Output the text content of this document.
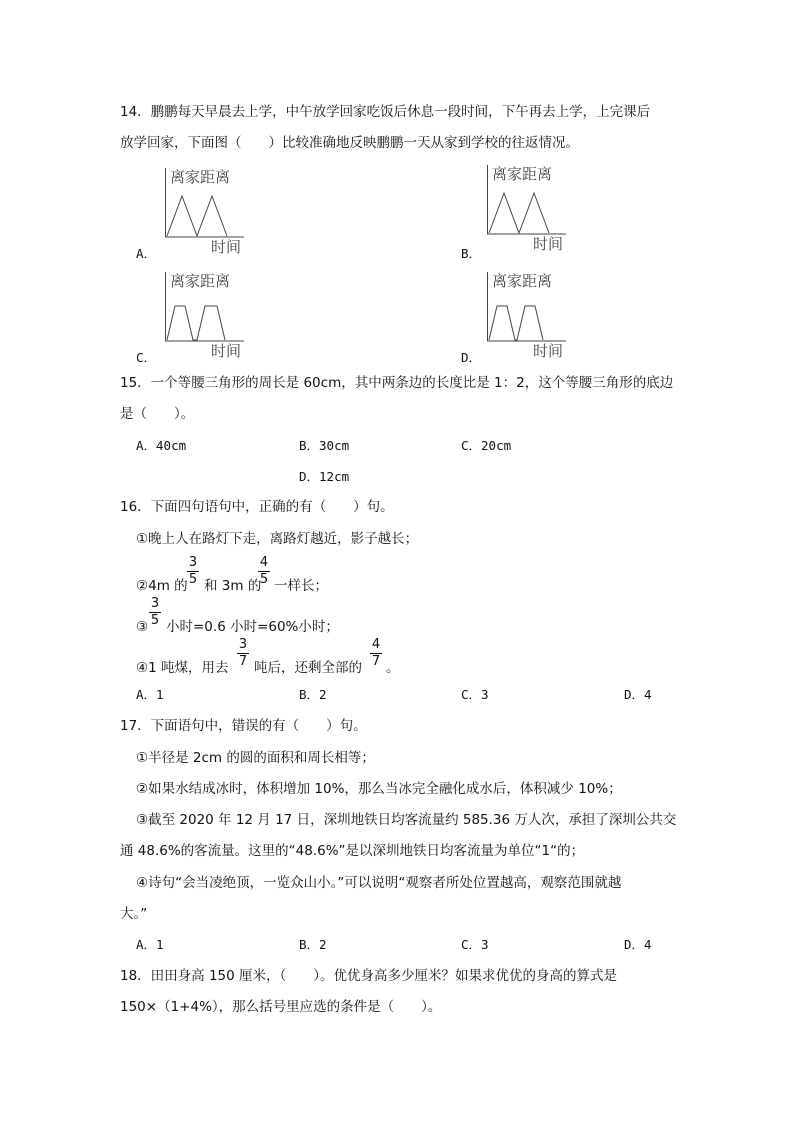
14．鹏鹏每天早晨去上学，中午放学回家吃饭后休息一段时间，下午再去上学，上完课后
放学回家，下面图（　　）比较准确地反映鹏鹏一天从家到学校的往返情况。
离家距离
时间
离家距离
时间
离家距离
时间
离家距离
时间
A．	B．
C．	D．
15．一个等腰三角形的周长是 60cm，其中两条边的长度比是 1：2，这个等腰三角形的底边
是（　　）。
A．40cm	B．30cm	C．20cm
D．12cm
16．下面四句语句中，正确的有（　　）句。
①晚上人在路灯下走，离路灯越近，影子越长；
②4m 的
3
5 和 3m 的
4
5 一样长；
③
3
5 小时=0.6 小时=60%小时；
④1 吨煤，用去
3
7 吨后，还剩全部的
4
7 。
A．1	B．2	C．3	D．4
17．下面语句中，错误的有（　　）句。
①半径是 2cm 的圆的面积和周长相等；
②如果水结成冰时，体积增加 10%，那么当冰完全融化成水后，体积减少 10%；
③截至 2020 年 12 月 17 日，深圳地铁日均客流量约 585.36 万人次，承担了深圳公共交
通 48.6%的客流量。这里的“48.6%”是以深圳地铁日均客流量为单位“1“的；
④诗句“会当凌绝顶，一览众山小。”可以说明“观察者所处位置越高，观察范围就越
大。”
A．1	B．2	C．3	D．4
18．田田身高 150 厘米，（　　）。优优身高多少厘米？如果求优优的身高的算式是
150×（1+4%），那么括号里应选的条件是（　　）。
